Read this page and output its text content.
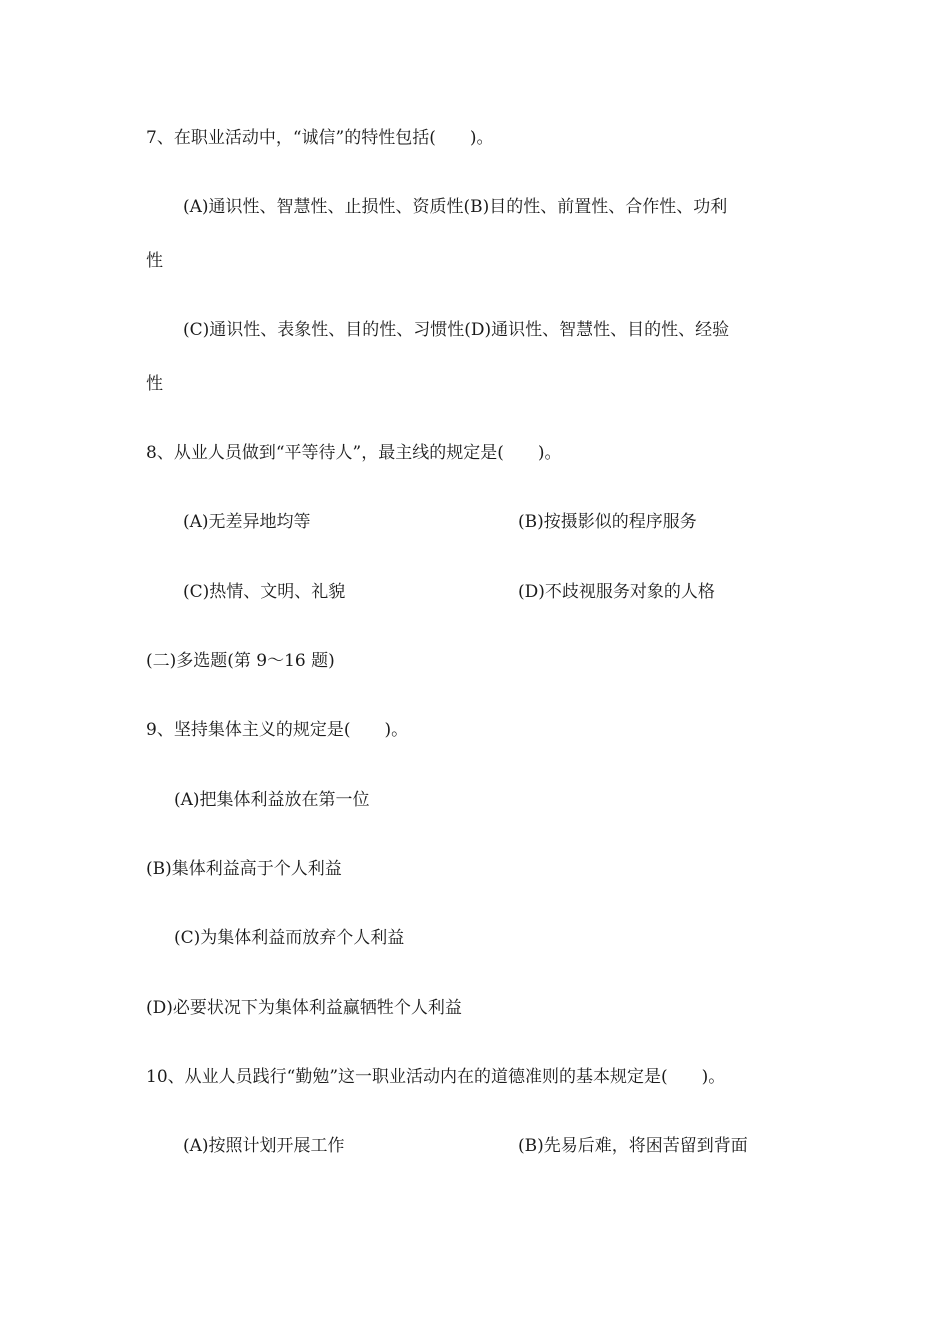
7、在职业活动中，“诚信”的特性包括(　　)。
(A)通识性、智慧性、止损性、资质性(B)目的性、前置性、合作性、功利
性
(C)通识性、表象性、目的性、习惯性(D)通识性、智慧性、目的性、经验
性
8、从业人员做到“平等待人”，最主线的规定是(　　)。
(A)无差异地均等	(B)按摄影似的程序服务
(C)热情、文明、礼貌	(D)不歧视服务对象的人格
(二)多选题(第 9～16 题)
9、坚持集体主义的规定是(　　)。
(A)把集体利益放在第一位
(B)集体利益高于个人利益
(C)为集体利益而放弃个人利益
(D)必要状况下为集体利益赢牺牲个人利益
10、从业人员践行“勤勉”这一职业活动内在的道德准则的基本规定是(　　)。
(A)按照计划开展工作	(B)先易后难，将困苦留到背面
